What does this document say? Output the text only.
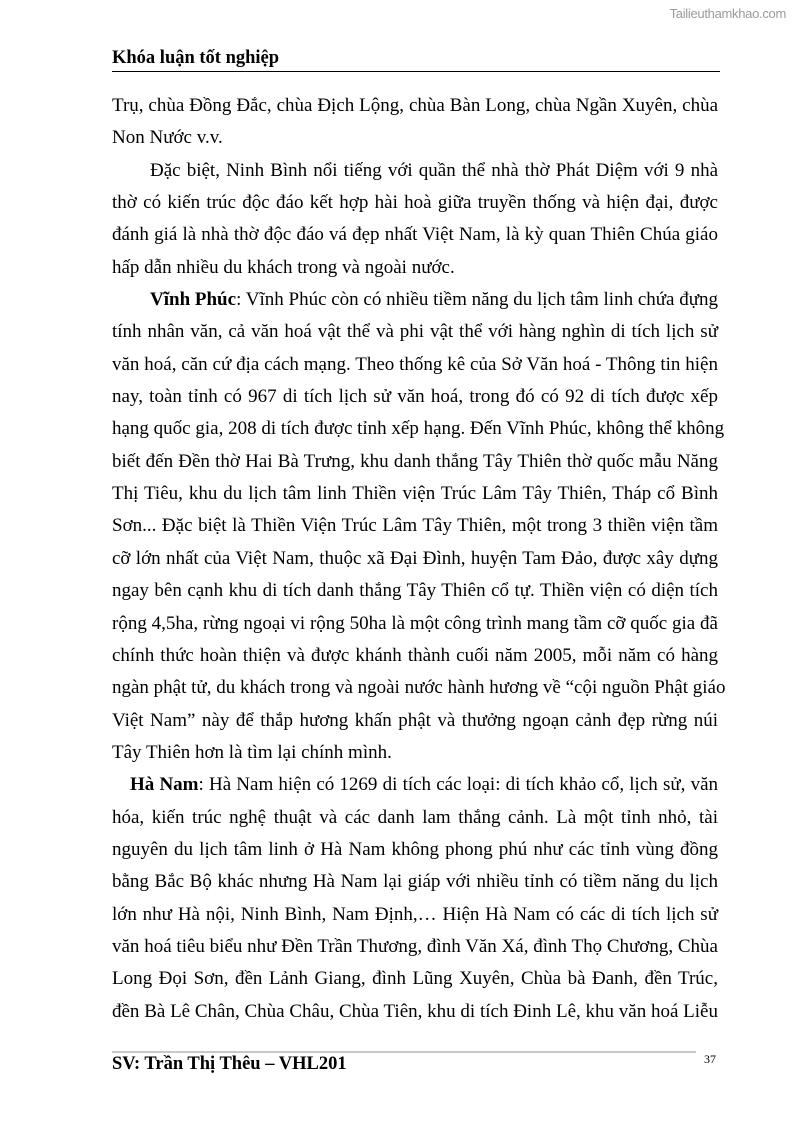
Tailieuthamkhao.com
Khóa luận tốt nghiệp
Trụ, chùa Đồng Đắc, chùa Địch Lộng, chùa Bàn Long, chùa Ngần Xuyên, chùa
Non Nước v.v.
Đặc biệt, Ninh Bình nổi tiếng với quần thể nhà thờ Phát Diệm với 9 nhà
thờ có kiến trúc độc đáo kết hợp hài hoà giữa truyền thống và hiện đại, được
đánh giá là nhà thờ độc đáo vá đẹp nhất Việt Nam, là kỳ quan Thiên Chúa giáo
hấp dẫn nhiều du khách trong và ngoài nước.
Vĩnh Phúc: Vĩnh Phúc còn có nhiều tiềm năng du lịch tâm linh chứa đựng
tính nhân văn, cả văn hoá vật thể và phi vật thể với hàng nghìn di tích lịch sử
văn hoá, căn cứ địa cách mạng. Theo thống kê của Sở Văn hoá - Thông tin hiện
nay, toàn tỉnh có 967 di tích lịch sử văn hoá, trong đó có 92 di tích được xếp
hạng quốc gia, 208 di tích được tỉnh xếp hạng. Đến Vĩnh Phúc, không thể không
biết đến Đền thờ Hai Bà Trưng, khu danh thắng Tây Thiên thờ quốc mẫu Năng
Thị Tiêu, khu du lịch tâm linh Thiền viện Trúc Lâm Tây Thiên, Tháp cổ Bình
Sơn... Đặc biệt là Thiền Viện Trúc Lâm Tây Thiên, một trong 3 thiền viện tầm
cỡ lớn nhất của Việt Nam, thuộc xã Đại Đình, huyện Tam Đảo, được xây dựng
ngay bên cạnh khu di tích danh thắng Tây Thiên cổ tự. Thiền viện có diện tích
rộng 4,5ha, rừng ngoại vi rộng 50ha là một công trình mang tầm cỡ quốc gia đã
chính thức hoàn thiện và được khánh thành cuối năm 2005, mỗi năm có hàng
ngàn phật tử, du khách trong và ngoài nước hành hương về “cội nguồn Phật giáo
Việt Nam” này để thắp hương khấn phật và thưởng ngoạn cảnh đẹp rừng núi
Tây Thiên hơn là tìm lại chính mình.
Hà Nam: Hà Nam hiện có 1269 di tích các loại: di tích khảo cổ, lịch sử, văn
hóa, kiến trúc nghệ thuật và các danh lam thắng cảnh. Là một tỉnh nhỏ, tài
nguyên du lịch tâm linh ở Hà Nam không phong phú như các tỉnh vùng đồng
bằng Bắc Bộ khác nhưng Hà Nam lại giáp với nhiều tỉnh có tiềm năng du lịch
lớn như Hà nội, Ninh Bình, Nam Định,… Hiện Hà Nam có các di tích lịch sử
văn hoá tiêu biểu như Đền Trần Thương, đình Văn Xá, đình Thọ Chương, Chùa
Long Đọi Sơn, đền Lảnh Giang, đình Lũng Xuyên, Chùa bà Đanh, đền Trúc,
đền Bà Lê Chân, Chùa Châu, Chùa Tiên, khu di tích Đinh Lê, khu văn hoá Liễu
SV: Trần Thị Thêu – VHL201	37
